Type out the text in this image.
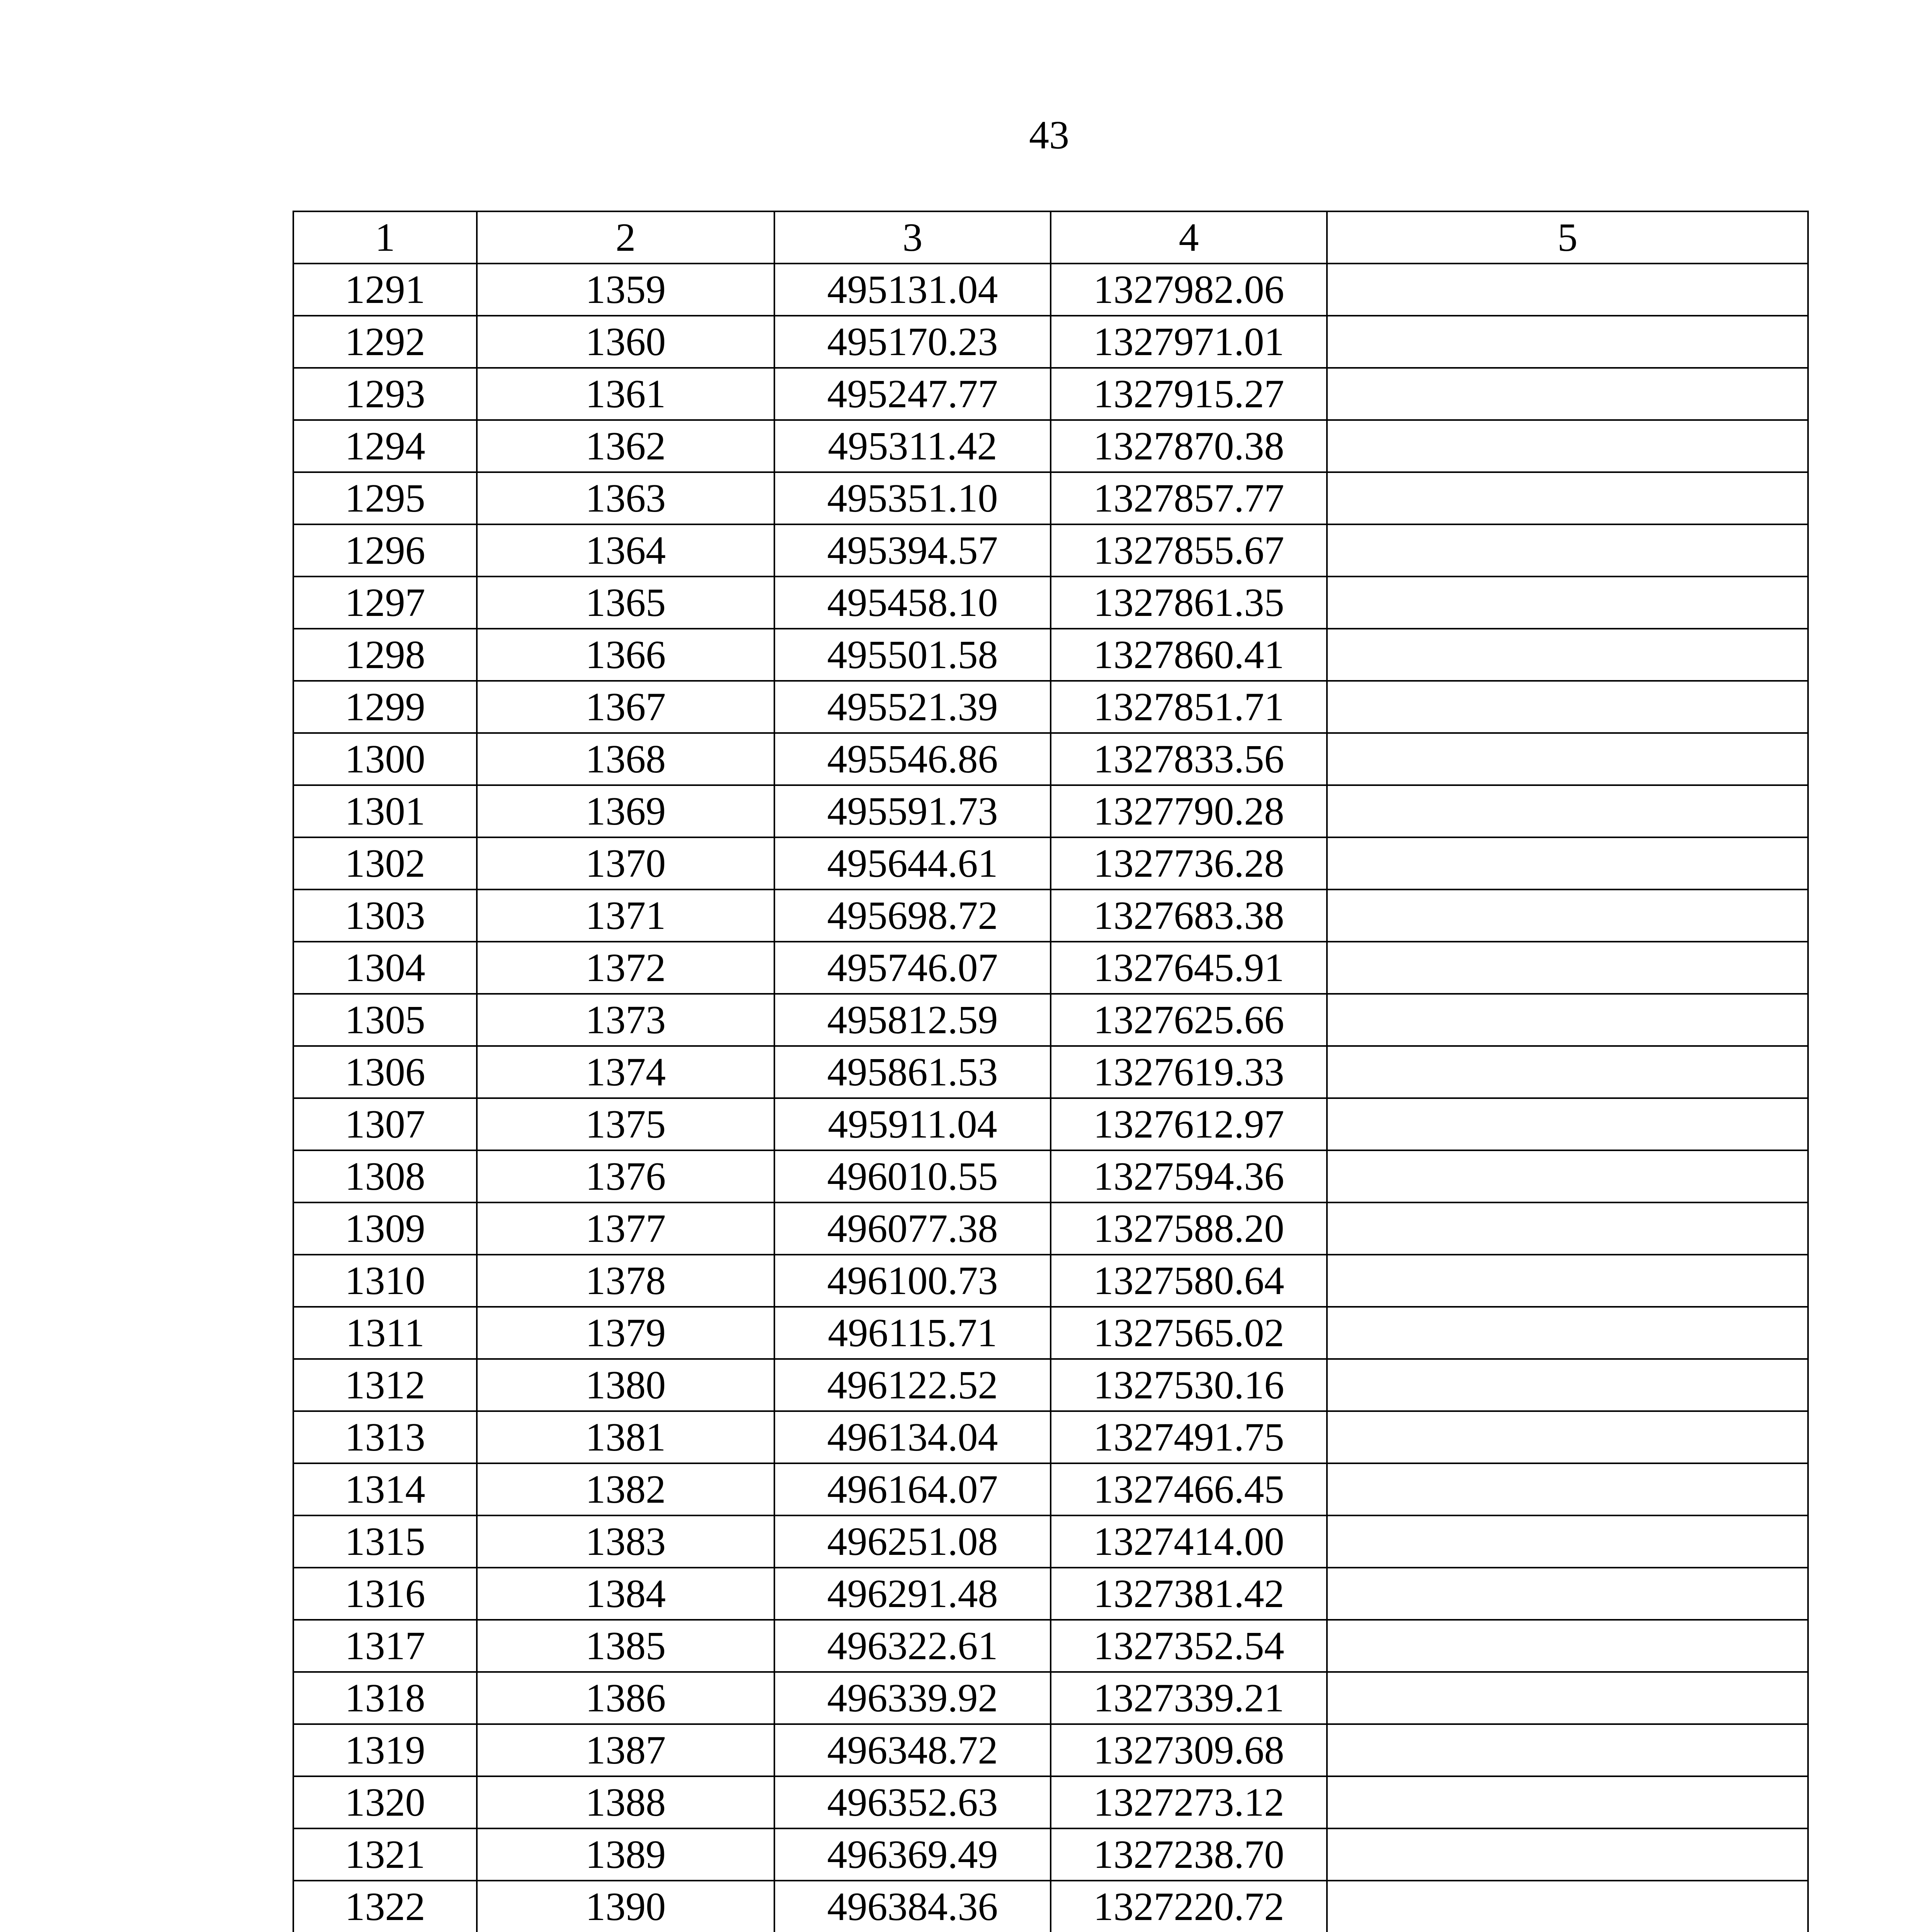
43
1	2	3	4	5
1291	1359	495131.04	1327982.06	
1292	1360	495170.23	1327971.01	
1293	1361	495247.77	1327915.27	
1294	1362	495311.42	1327870.38	
1295	1363	495351.10	1327857.77	
1296	1364	495394.57	1327855.67	
1297	1365	495458.10	1327861.35	
1298	1366	495501.58	1327860.41	
1299	1367	495521.39	1327851.71	
1300	1368	495546.86	1327833.56	
1301	1369	495591.73	1327790.28	
1302	1370	495644.61	1327736.28	
1303	1371	495698.72	1327683.38	
1304	1372	495746.07	1327645.91	
1305	1373	495812.59	1327625.66	
1306	1374	495861.53	1327619.33	
1307	1375	495911.04	1327612.97	
1308	1376	496010.55	1327594.36	
1309	1377	496077.38	1327588.20	
1310	1378	496100.73	1327580.64	
1311	1379	496115.71	1327565.02	
1312	1380	496122.52	1327530.16	
1313	1381	496134.04	1327491.75	
1314	1382	496164.07	1327466.45	
1315	1383	496251.08	1327414.00	
1316	1384	496291.48	1327381.42	
1317	1385	496322.61	1327352.54	
1318	1386	496339.92	1327339.21	
1319	1387	496348.72	1327309.68	
1320	1388	496352.63	1327273.12	
1321	1389	496369.49	1327238.70	
1322	1390	496384.36	1327220.72	
